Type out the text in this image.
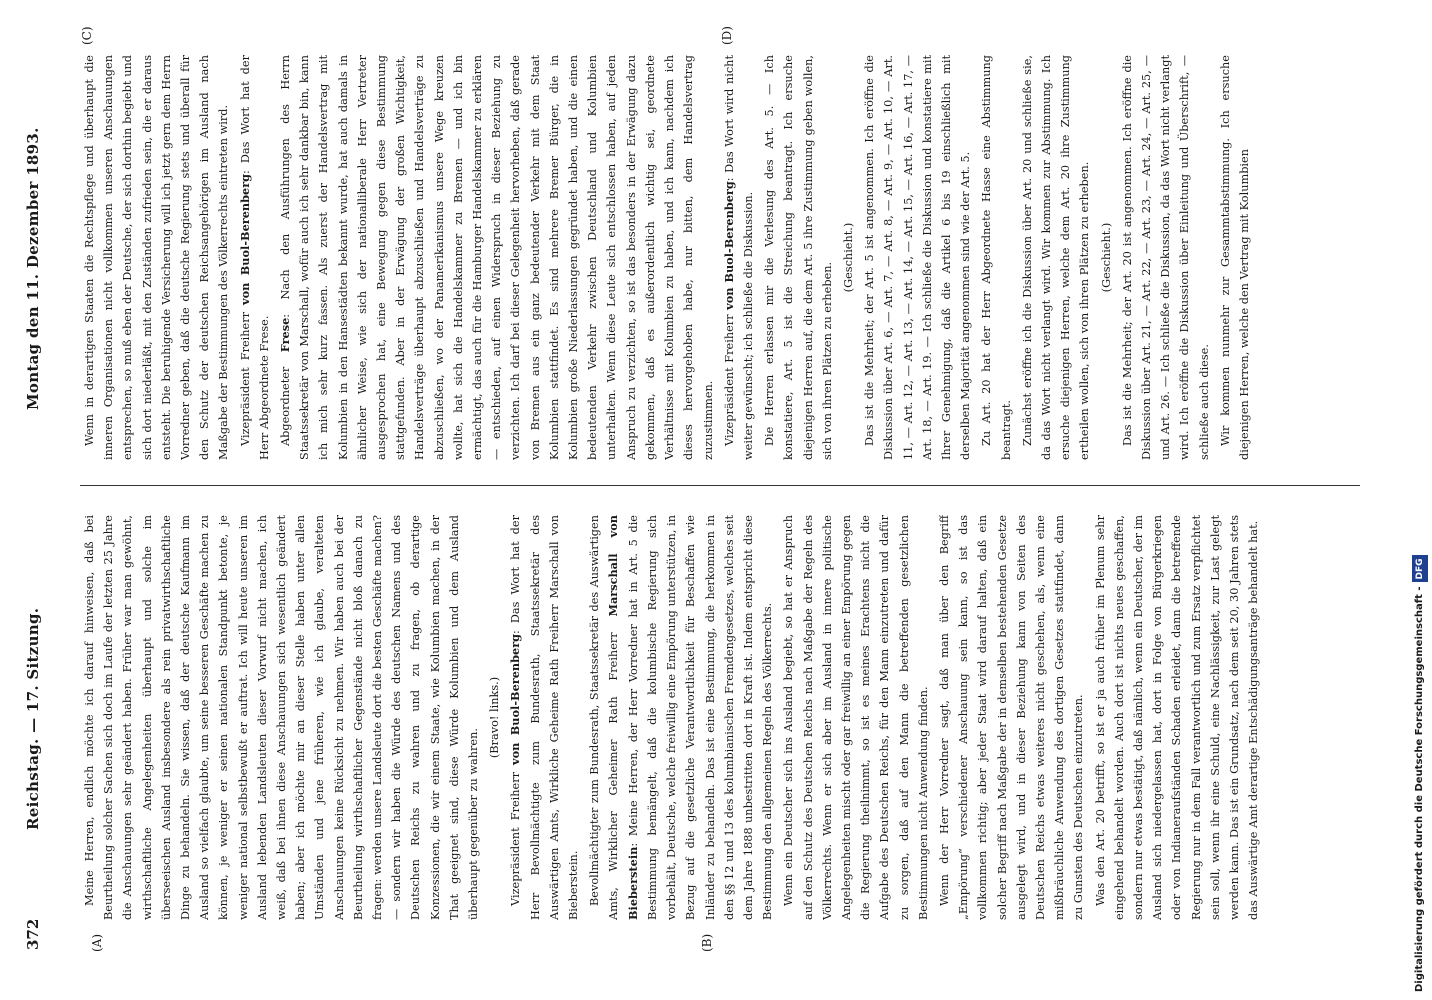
372
Reichstag. — 17. Sitzung.
Montag den 11. Dezember 1893.
(A)	(B)
(C)	(D)

Meine Herren, endlich möchte ich darauf hinweisen, daß bei Beurtheilung solcher Sachen sich doch im Laufe der letzten 25 Jahre die Anschauungen sehr geändert haben. Früher war man gewöhnt, wirthschaftliche Angelegenheiten überhaupt und solche im überseeischen Ausland insbesondere als rein privatwirthschaftliche Dinge zu behandeln. Sie wissen, daß der deutsche Kaufmann im Ausland so vielfach glaubte, um seine besseren Geschäfte machen zu können, je weniger er seinen nationalen Standpunkt betonte, je weniger national selbstbewußt er auftrat. Ich will heute unseren im Ausland lebenden Landsleuten dieser Vorwurf nicht machen, ich weiß, daß bei ihnen diese Anschauungen sich wesentlich geändert haben; aber ich möchte mir an dieser Stelle haben unter allen Umständen und jene früheren, wie ich glaube, veralteten Anschauungen keine Rücksicht zu nehmen. Wir haben auch bei der Beurtheilung wirthschaftlicher Gegenstände nicht bloß danach zu fragen: werden unsere Landsleute dort die besten Geschäfte machen? — sondern wir haben die Würde des deutschen Namens und des Deutschen Reichs zu wahren und zu fragen, ob derartige Konzessionen, die wir einem Staate, wie Kolumbien machen, in der That geeignet sind, diese Würde Kolumbien und dem Ausland überhaupt gegenüber zu wahren.

(Bravo! links.)

Vizepräsident Freiherr von Buol-Berenberg: Das Wort hat der Herr Bevollmächtigte zum Bundesrath, Staatssekretär des Auswärtigen Amts, Wirkliche Geheime Rath Freiherr Marschall von Bieberstein. Bevollmächtigter zum Bundesrath, Staatssekretär des Auswärtigen Amts, Wirklicher Geheimer Rath Freiherr Marschall von Bieberstein: Meine Herren, der Herr Vorredner hat in Art. 5 die Bestimmung bemängelt, daß die kolumbische Regierung sich vorbehält, Deutsche, welche freiwillig eine Empörung unterstützen, in Bezug auf die gesetzliche Verantwortlichkeit für Beschaffen wie Inländer zu behandeln. Das ist eine Bestimmung, die herkommen in den §§ 12 und 13 des kolumbianischen Fremdengesetzes, welches seit dem Jahre 1888 unbestritten dort in Kraft ist. Indem entspricht diese Bestimmung den allgemeinen Regeln des Völkerrechts. Wenn ein Deutscher sich ins Ausland begiebt, so hat er Anspruch auf den Schutz des Deutschen Reichs nach Maßgabe der Regeln des Völkerrechts. Wenn er sich aber im Ausland in innere politische Angelegenheiten mischt oder gar freiwillig an einer Empörung gegen die Regierung theilnimmt, so ist es meines Erachtens nicht die Aufgabe des Deutschen Reichs, für den Mann einzutreten und dafür zu sorgen, daß auf den Mann die betreffenden gesetzlichen Bestimmungen nicht Anwendung finden. Wenn der Herr Vorredner sagt, daß man über den Begriff „Empörung“ verschiedener Anschauung sein kann, so ist das vollkommen richtig; aber jeder Staat wird darauf halten, daß ein solcher Begriff nach Maßgabe der in demselben bestehenden Gesetze ausgelegt wird, und in dieser Beziehung kann von Seiten des Deutschen Reichs etwas weiteres nicht geschehen, als, wenn eine mißbräuchliche Anwendung des dortigen Gesetzes stattfindet, dann zu Gunsten des Deutschen einzutreten. Was den Art. 20 betrifft, so ist er ja auch früher im Plenum sehr eingehend behandelt worden. Auch dort ist nichts neues geschaffen, sondern nur etwas bestätigt, daß nämlich, wenn ein Deutscher, der im Ausland sich niedergelassen hat, dort in Folge von Bürgerkriegen oder von Indianeraufständen Schaden erleidet, dann die betreffende Regierung nur in dem Fall verantwortlich und zum Ersatz verpflichtet sein soll, wenn ihr eine Schuld, eine Nachlässigkeit, zur Last gelegt werden kann. Das ist ein Grundsatz, nach dem seit 20, 30 Jahren stets das Auswärtige Amt derartige Entschädigungsanträge behandelt hat.

Wenn in derartigen Staaten die Rechtspflege und überhaupt die inneren Organisationen nicht vollkommen unseren Anschauungen entsprechen, so muß eben der Deutsche, der sich dorthin begiebt und sich dort niederläßt, mit den Zuständen zufrieden sein, die er daraus entsteht. Die beruhigende Versicherung will ich jetzt gern dem Herrn Vorredner geben, daß die deutsche Regierung stets und überall für den Schutz der deutschen Reichsangehörigen im Ausland nach Maßgabe der Bestimmungen des Völkerrechts eintreten wird. Vizepräsident Freiherr von Buol-Berenberg: Das Wort hat der Herr Abgeordnete Frese. Abgeordneter Frese: Nach den Ausführungen des Herrn Staatssekretär von Marschall, wofür auch ich sehr dankbar bin, kann ich mich sehr kurz fassen. Als zuerst der Handelsvertrag mit Kolumbien in den Hansestädten bekannt wurde, hat auch damals in ähnlicher Weise, wie sich der nationalliberale Herr Vertreter ausgesprochen hat, eine Bewegung gegen diese Bestimmung stattgefunden. Aber in der Erwägung der großen Wichtigkeit, Handelsverträge überhaupt abzuschließen und Handelsverträge zu abzuschließen, wo der Panamerikanismus unsere Wege kreuzen wollte, hat sich die Handelskammer zu Bremen — und ich bin ermächtigt, das auch für die Hamburger Handelskammer zu erklären — entschieden, auf einen Widerspruch in dieser Beziehung zu verzichten. Ich darf bei dieser Gelegenheit hervorheben, daß gerade von Bremen aus ein ganz bedeutender Verkehr mit dem Staat Kolumbien stattfindet. Es sind mehrere Bremer Bürger, die in Kolumbien große Niederlassungen gegründet haben, und die einen bedeutenden Verkehr zwischen Deutschland und Kolumbien unterhalten. Wenn diese Leute sich entschlossen haben, auf jeden Anspruch zu verzichten, so ist das besonders in der Erwägung dazu gekommen, daß es außerordentlich wichtig sei, geordnete Verhältnisse mit Kolumbien zu haben, und ich kann, nachdem ich dieses hervorgehoben habe, nur bitten, dem Handelsvertrag zuzustimmen. Vizepräsident Freiherr von Buol-Berenberg: Das Wort wird nicht weiter gewünscht; ich schließe die Diskussion. Die Herren erlassen mir die Verlesung des Art. 5. — Ich konstatiere, Art. 5 ist die Streichung beantragt. Ich ersuche diejenigen Herren auf, die dem Art. 5 ihre Zustimmung geben wollen, sich von ihren Plätzen zu erheben.

(Geschieht.) Das ist die Mehrheit; der Art. 5 ist angenommen. Ich eröffne die Diskussion über Art. 6, — Art. 7, — Art. 8, — Art. 9, — Art. 10, — Art. 11, — Art. 12, — Art. 13, — Art. 14, — Art. 15, — Art. 16, — Art. 17, — Art. 18, — Art. 19. — Ich schließe die Diskussion und konstatiere mit Ihrer Genehmigung, daß die Artikel 6 bis 19 einschließlich mit derselben Majorität angenommen sind wie der Art. 5. Zu Art. 20 hat der Herr Abgeordnete Hasse eine Abstimmung beantragt. Zunächst eröffne ich die Diskussion über Art. 20 und schließe sie, da das Wort nicht verlangt wird. Wir kommen zur Abstimmung. Ich ersuche diejenigen Herren, welche dem Art. 20 ihre Zustimmung ertheilen wollen, sich von ihren Plätzen zu erheben. (Geschieht.) Das ist die Mehrheit; der Art. 20 ist angenommen. Ich eröffne die Diskussion über Art. 21, — Art. 22, — Art. 23, — Art. 24, — Art. 25, — und Art. 26. — Ich schließe die Diskussion, da das Wort nicht verlangt wird. Ich eröffne die Diskussion über Einleitung und Überschrift, — schließe auch diese. Wir kommen nunmehr zur Gesammtabstimmung. Ich ersuche diejenigen Herren, welche den Vertrag mit Kolumbien

Digitalisierung gefördert durch die Deutsche Forschungsgemeinschaft -DFG
